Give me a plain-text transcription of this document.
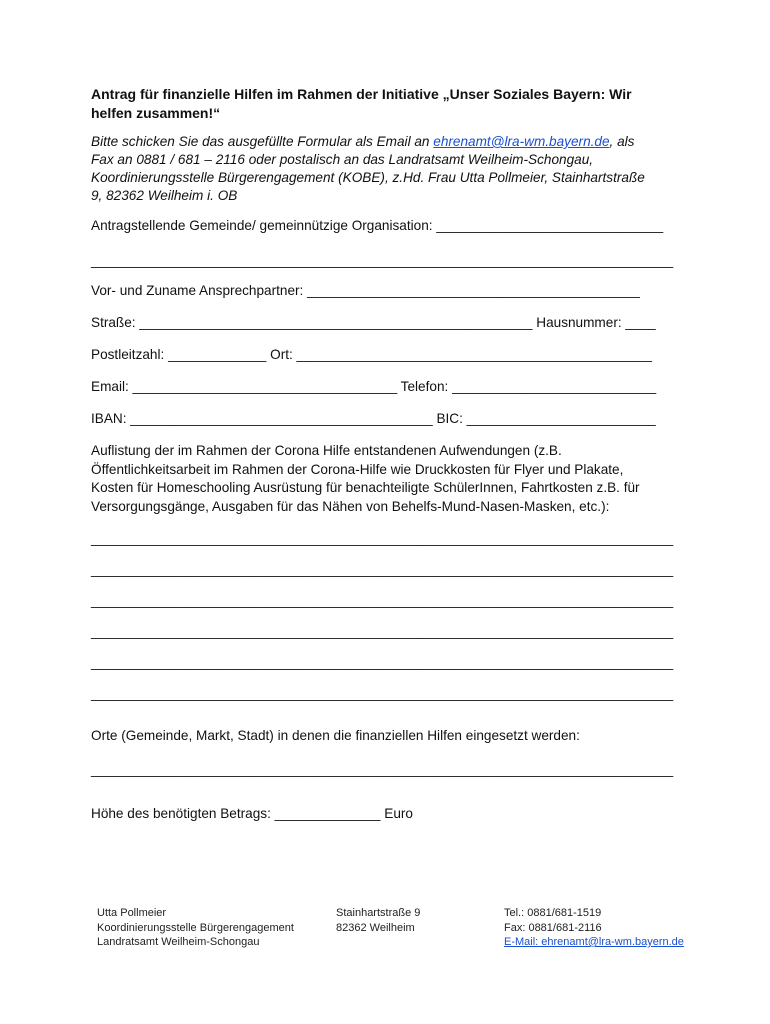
Antrag für finanzielle Hilfen im Rahmen der Initiative „Unser Soziales Bayern: Wir
helfen zusammen!“
Bitte schicken Sie das ausgefüllte Formular als Email an ehrenamt@lra-wm.bayern.de, als
Fax an 0881 / 681 – 2116 oder postalisch an das Landratsamt Weilheim-Schongau,
Koordinierungsstelle Bürgerengagement (KOBE), z.Hd. Frau Utta Pollmeier, Stainhartstraße
9, 82362 Weilheim i. OB
Antragstellende Gemeinde/ gemeinnützige Organisation: ______________________________
_____________________________________________________________________________
Vor- und Zuname Ansprechpartner: ____________________________________________
Straße: ____________________________________________________ Hausnummer: ____
Postleitzahl: _____________ Ort: _______________________________________________
Email: ___________________________________ Telefon: ___________________________
IBAN: ________________________________________ BIC: _________________________
Auflistung der im Rahmen der Corona Hilfe entstandenen Aufwendungen (z.B.
Öffentlichkeitsarbeit im Rahmen der Corona-Hilfe wie Druckkosten für Flyer und Plakate,
Kosten für Homeschooling Ausrüstung für benachteiligte SchülerInnen, Fahrtkosten z.B. für
Versorgungsgänge, Ausgaben für das Nähen von Behelfs-Mund-Nasen-Masken, etc.):
_____________________________________________________________________________
_____________________________________________________________________________
_____________________________________________________________________________
_____________________________________________________________________________
_____________________________________________________________________________
_____________________________________________________________________________
Orte (Gemeinde, Markt, Stadt) in denen die finanziellen Hilfen eingesetzt werden:
_____________________________________________________________________________
Höhe des benötigten Betrags: ______________ Euro
Utta Pollmeier
Koordinierungsstelle Bürgerengagement
Landratsamt Weilheim-Schongau
Stainhartstraße 9
82362 Weilheim
Tel.: 0881/681-1519
Fax: 0881/681-2116
E-Mail: ehrenamt@lra-wm.bayern.de
